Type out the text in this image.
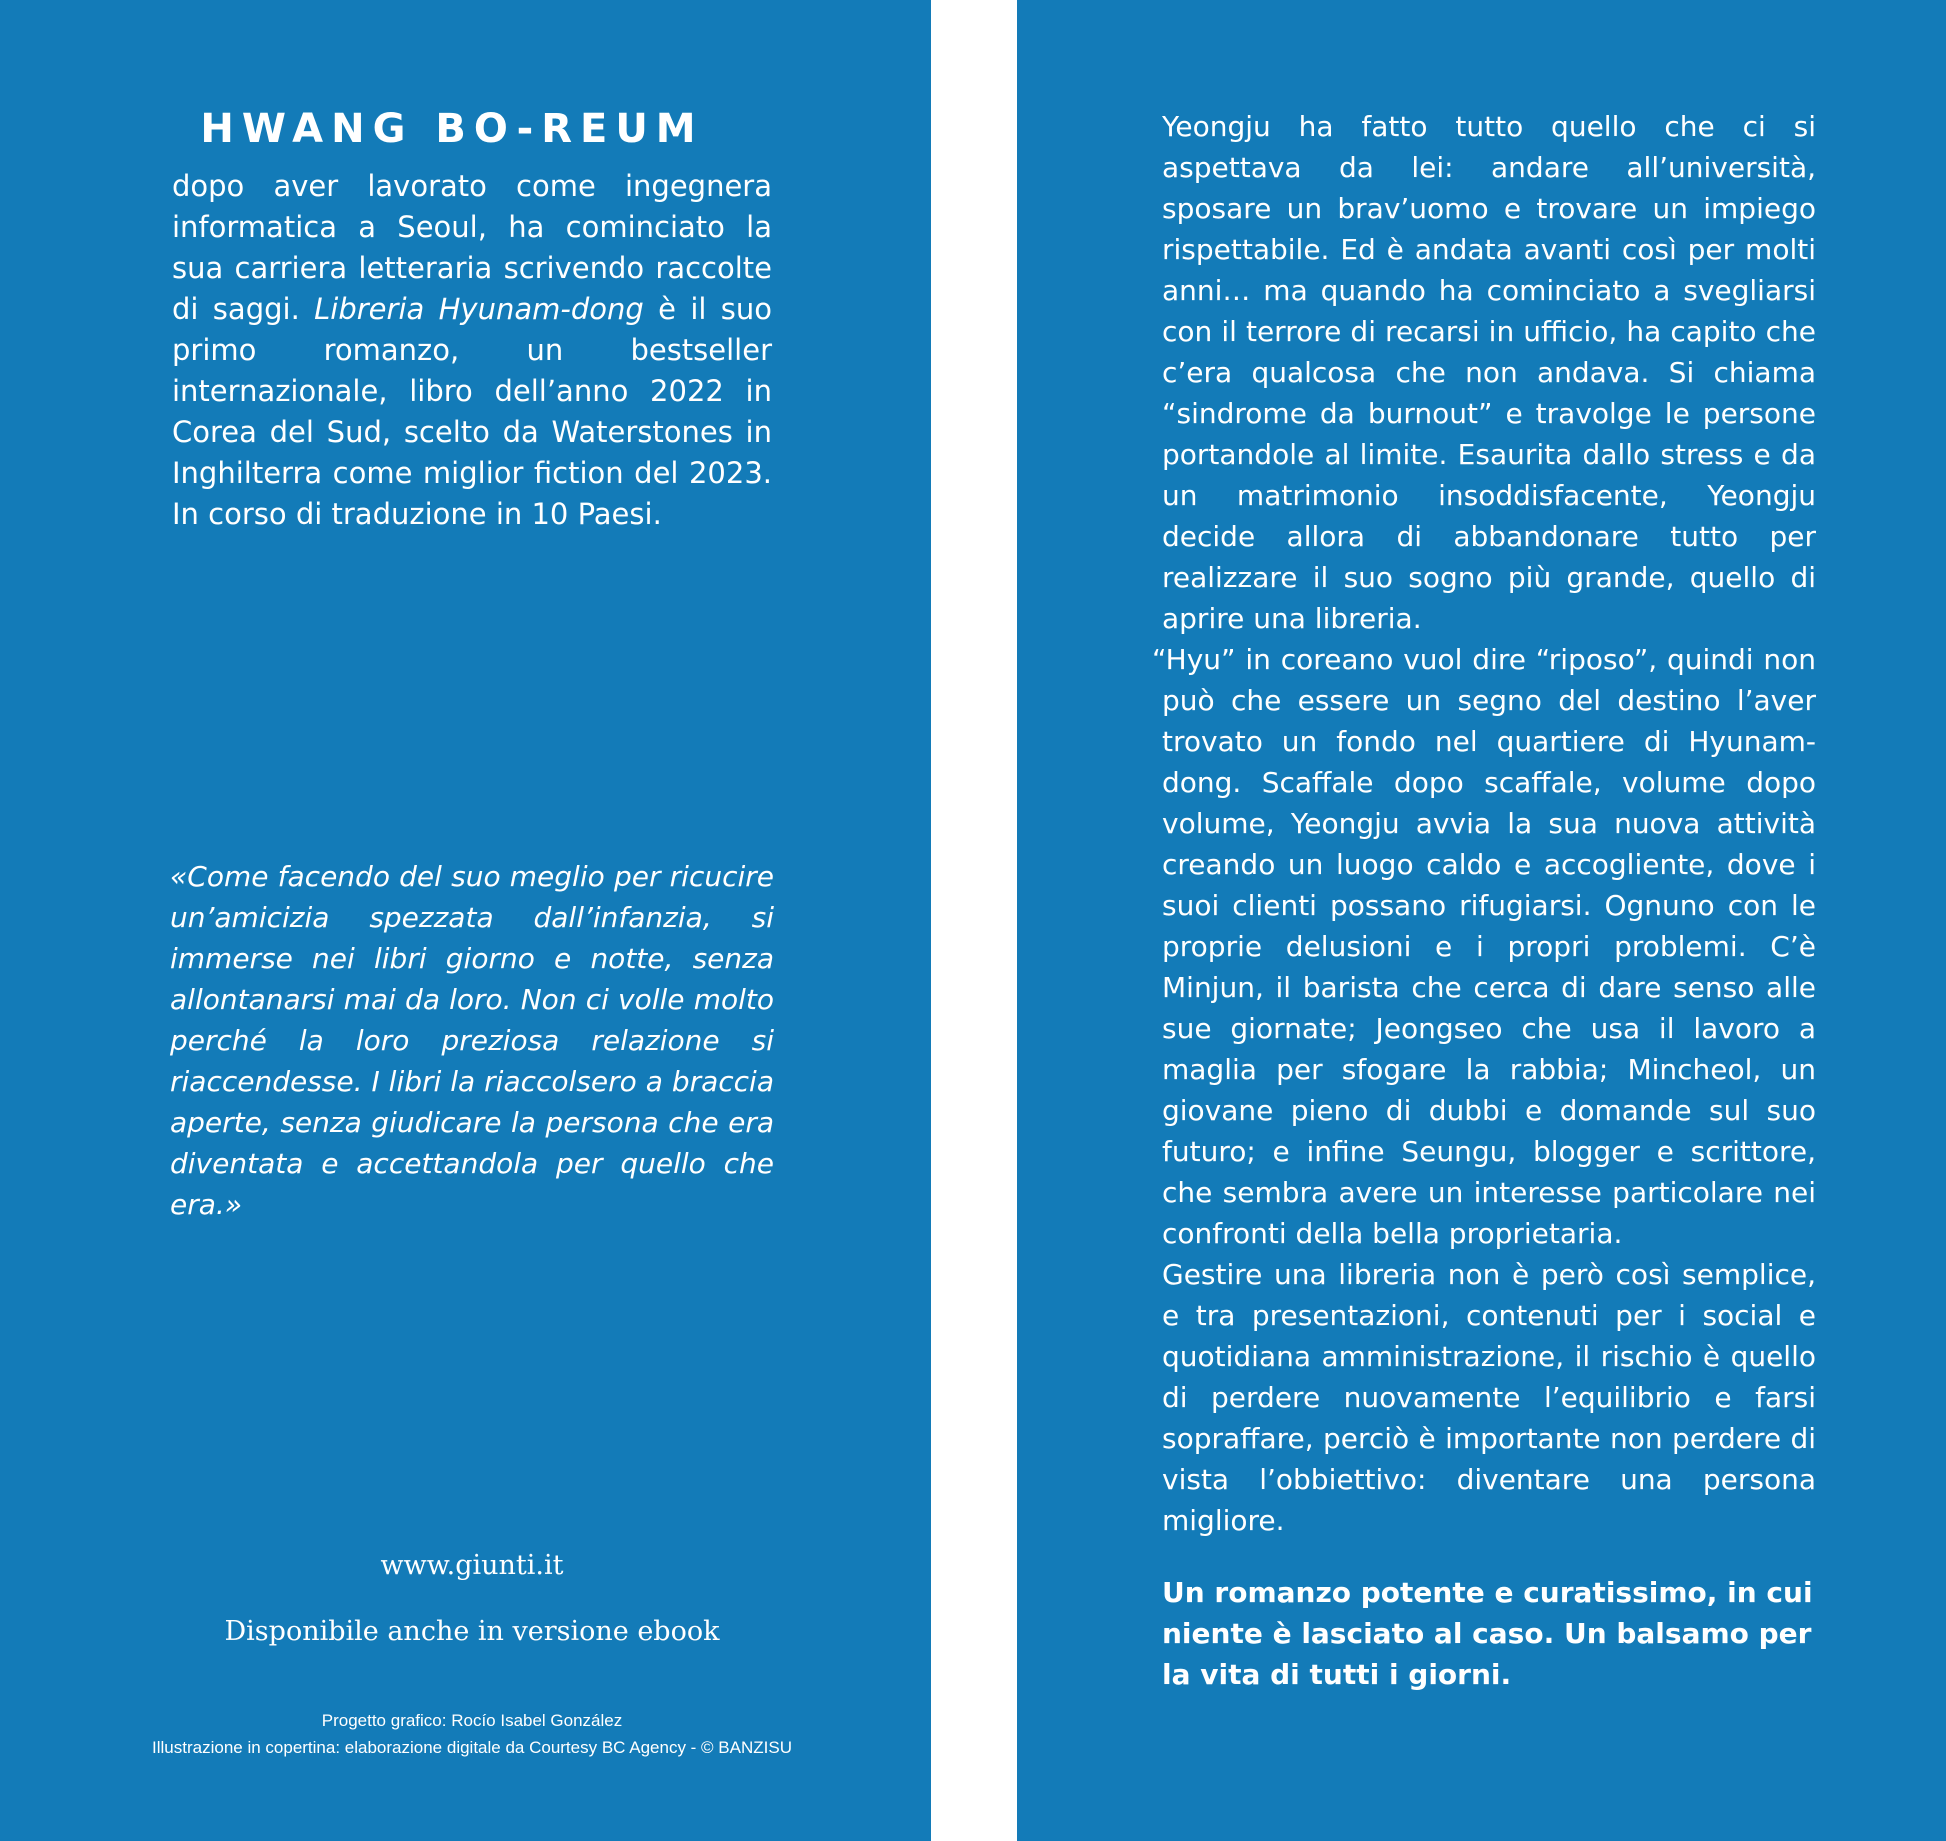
HWANG BO-REUM

dopo aver lavorato come ingegnera informatica a Seoul, ha cominciato la sua carriera letteraria scrivendo raccolte di saggi. Libreria Hyunam-dong è il suo primo romanzo, un bestseller internazionale, libro dell’anno 2022 in Corea del Sud, scelto da Waterstones in Inghilterra come miglior fiction del 2023. In corso di traduzione in 10 Paesi.

«Come facendo del suo meglio per ricucire un’amicizia spezzata dall’infanzia, si immerse nei libri giorno e notte, senza allontanarsi mai da loro. Non ci volle molto perché la loro preziosa relazione si riaccendesse. I libri la riaccolsero a braccia aperte, senza giudicare la persona che era diventata e accettandola per quello che era.»

www.giunti.it
Disponibile anche in versione ebook
Progetto grafico: Rocío Isabel González
Illustrazione in copertina: elaborazione digitale da Courtesy BC Agency - © BANZISU

Yeongju ha fatto tutto quello che ci si aspettava da lei: andare all’università, sposare un brav’uomo e trovare un impiego rispettabile. Ed è andata avanti così per molti anni… ma quando ha cominciato a svegliarsi con il terrore di recarsi in ufficio, ha capito che c’era qualcosa che non andava. Si chiama “sindrome da burnout” e travolge le persone portandole al limite. Esaurita dallo stress e da un matrimonio insoddisfacente, Yeongju decide allora di abbandonare tutto per realizzare il suo sogno più grande, quello di aprire una libreria.

“Hyu” in coreano vuol dire “riposo”, quindi non può che essere un segno del destino l’aver trovato un fondo nel quartiere di Hyunam-dong. Scaffale dopo scaffale, volume dopo volume, Yeongju avvia la sua nuova attività creando un luogo caldo e accogliente, dove i suoi clienti possano rifugiarsi. Ognuno con le proprie delusioni e i propri problemi. C’è Minjun, il barista che cerca di dare senso alle sue giornate; Jeongseo che usa il lavoro a maglia per sfogare la rabbia; Mincheol, un giovane pieno di dubbi e domande sul suo futuro; e infine Seungu, blogger e scrittore, che sembra avere un interesse particolare nei confronti della bella proprietaria.

Gestire una libreria non è però così semplice, e tra presentazioni, contenuti per i social e quotidiana amministrazione, il rischio è quello di perdere nuovamente l’equilibrio e farsi sopraffare, perciò è importante non perdere di vista l’obbiettivo: diventare una persona migliore.

Un romanzo potente e curatissimo, in cui niente è lasciato al caso. Un balsamo per la vita di tutti i giorni.
